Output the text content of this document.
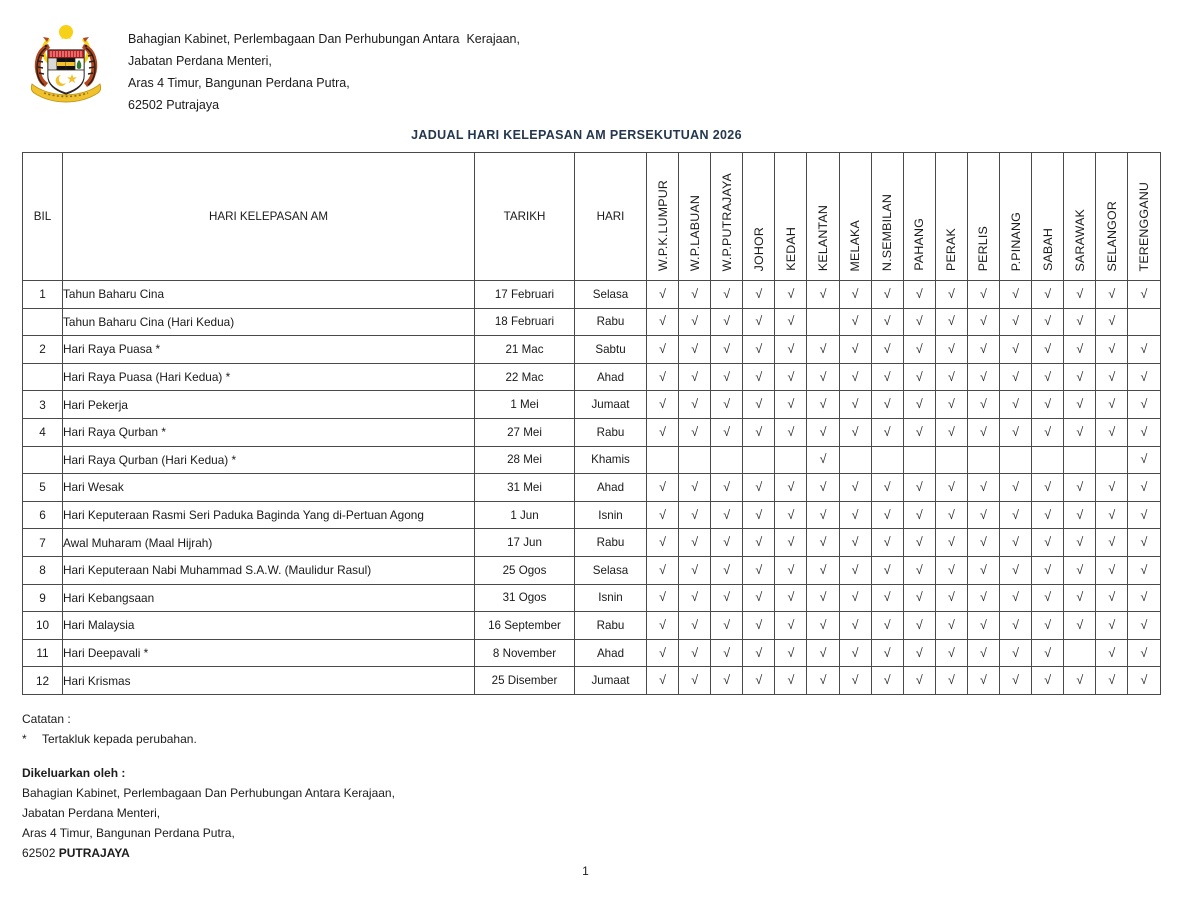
Bahagian Kabinet, Perlembagaan Dan Perhubungan Antara  Kerajaan,
Jabatan Perdana Menteri,
Aras 4 Timur, Bangunan Perdana Putra,
62502 Putrajaya
JADUAL HARI KELEPASAN AM PERSEKUTUAN 2026
BIL	HARI KELEPASAN AM	TARIKH	HARI	W.P.K.LUMPUR	W.P.LABUAN	W.P.PUTRAJAYA	JOHOR	KEDAH	KELANTAN	MELAKA	N.SEMBILAN	PAHANG	PERAK	PERLIS	P.PINANG	SABAH	SARAWAK	SELANGOR	TERENGGANU
1	Tahun Baharu Cina	17 Februari	Selasa	√	√	√	√	√	√	√	√	√	√	√	√	√	√	√	√
	Tahun Baharu Cina (Hari Kedua)	18 Februari	Rabu	√	√	√	√	√		√	√	√	√	√	√	√	√	√	
2	Hari Raya Puasa *	21 Mac	Sabtu	√	√	√	√	√	√	√	√	√	√	√	√	√	√	√	√
	Hari Raya Puasa (Hari Kedua) *	22 Mac	Ahad	√	√	√	√	√	√	√	√	√	√	√	√	√	√	√	√
3	Hari Pekerja	1 Mei	Jumaat	√	√	√	√	√	√	√	√	√	√	√	√	√	√	√	√
4	Hari Raya Qurban *	27 Mei	Rabu	√	√	√	√	√	√	√	√	√	√	√	√	√	√	√	√
	Hari Raya Qurban (Hari Kedua) *	28 Mei	Khamis						√										√
5	Hari Wesak	31 Mei	Ahad	√	√	√	√	√	√	√	√	√	√	√	√	√	√	√	√
6	Hari Keputeraan Rasmi Seri Paduka Baginda Yang di-Pertuan Agong	1 Jun	Isnin	√	√	√	√	√	√	√	√	√	√	√	√	√	√	√	√
7	Awal Muharam (Maal Hijrah)	17 Jun	Rabu	√	√	√	√	√	√	√	√	√	√	√	√	√	√	√	√
8	Hari Keputeraan Nabi Muhammad S.A.W. (Maulidur Rasul)	25 Ogos	Selasa	√	√	√	√	√	√	√	√	√	√	√	√	√	√	√	√
9	Hari Kebangsaan	31 Ogos	Isnin	√	√	√	√	√	√	√	√	√	√	√	√	√	√	√	√
10	Hari Malaysia	16 September	Rabu	√	√	√	√	√	√	√	√	√	√	√	√	√	√	√	√
11	Hari Deepavali *	8 November	Ahad	√	√	√	√	√	√	√	√	√	√	√	√	√		√	√
12	Hari Krismas	25 Disember	Jumaat	√	√	√	√	√	√	√	√	√	√	√	√	√	√	√	√
Catatan :
*	Tertakluk kepada perubahan.
Dikeluarkan oleh :
Bahagian Kabinet, Perlembagaan Dan Perhubungan Antara Kerajaan,
Jabatan Perdana Menteri,
Aras 4 Timur, Bangunan Perdana Putra,
62502 PUTRAJAYA
1
